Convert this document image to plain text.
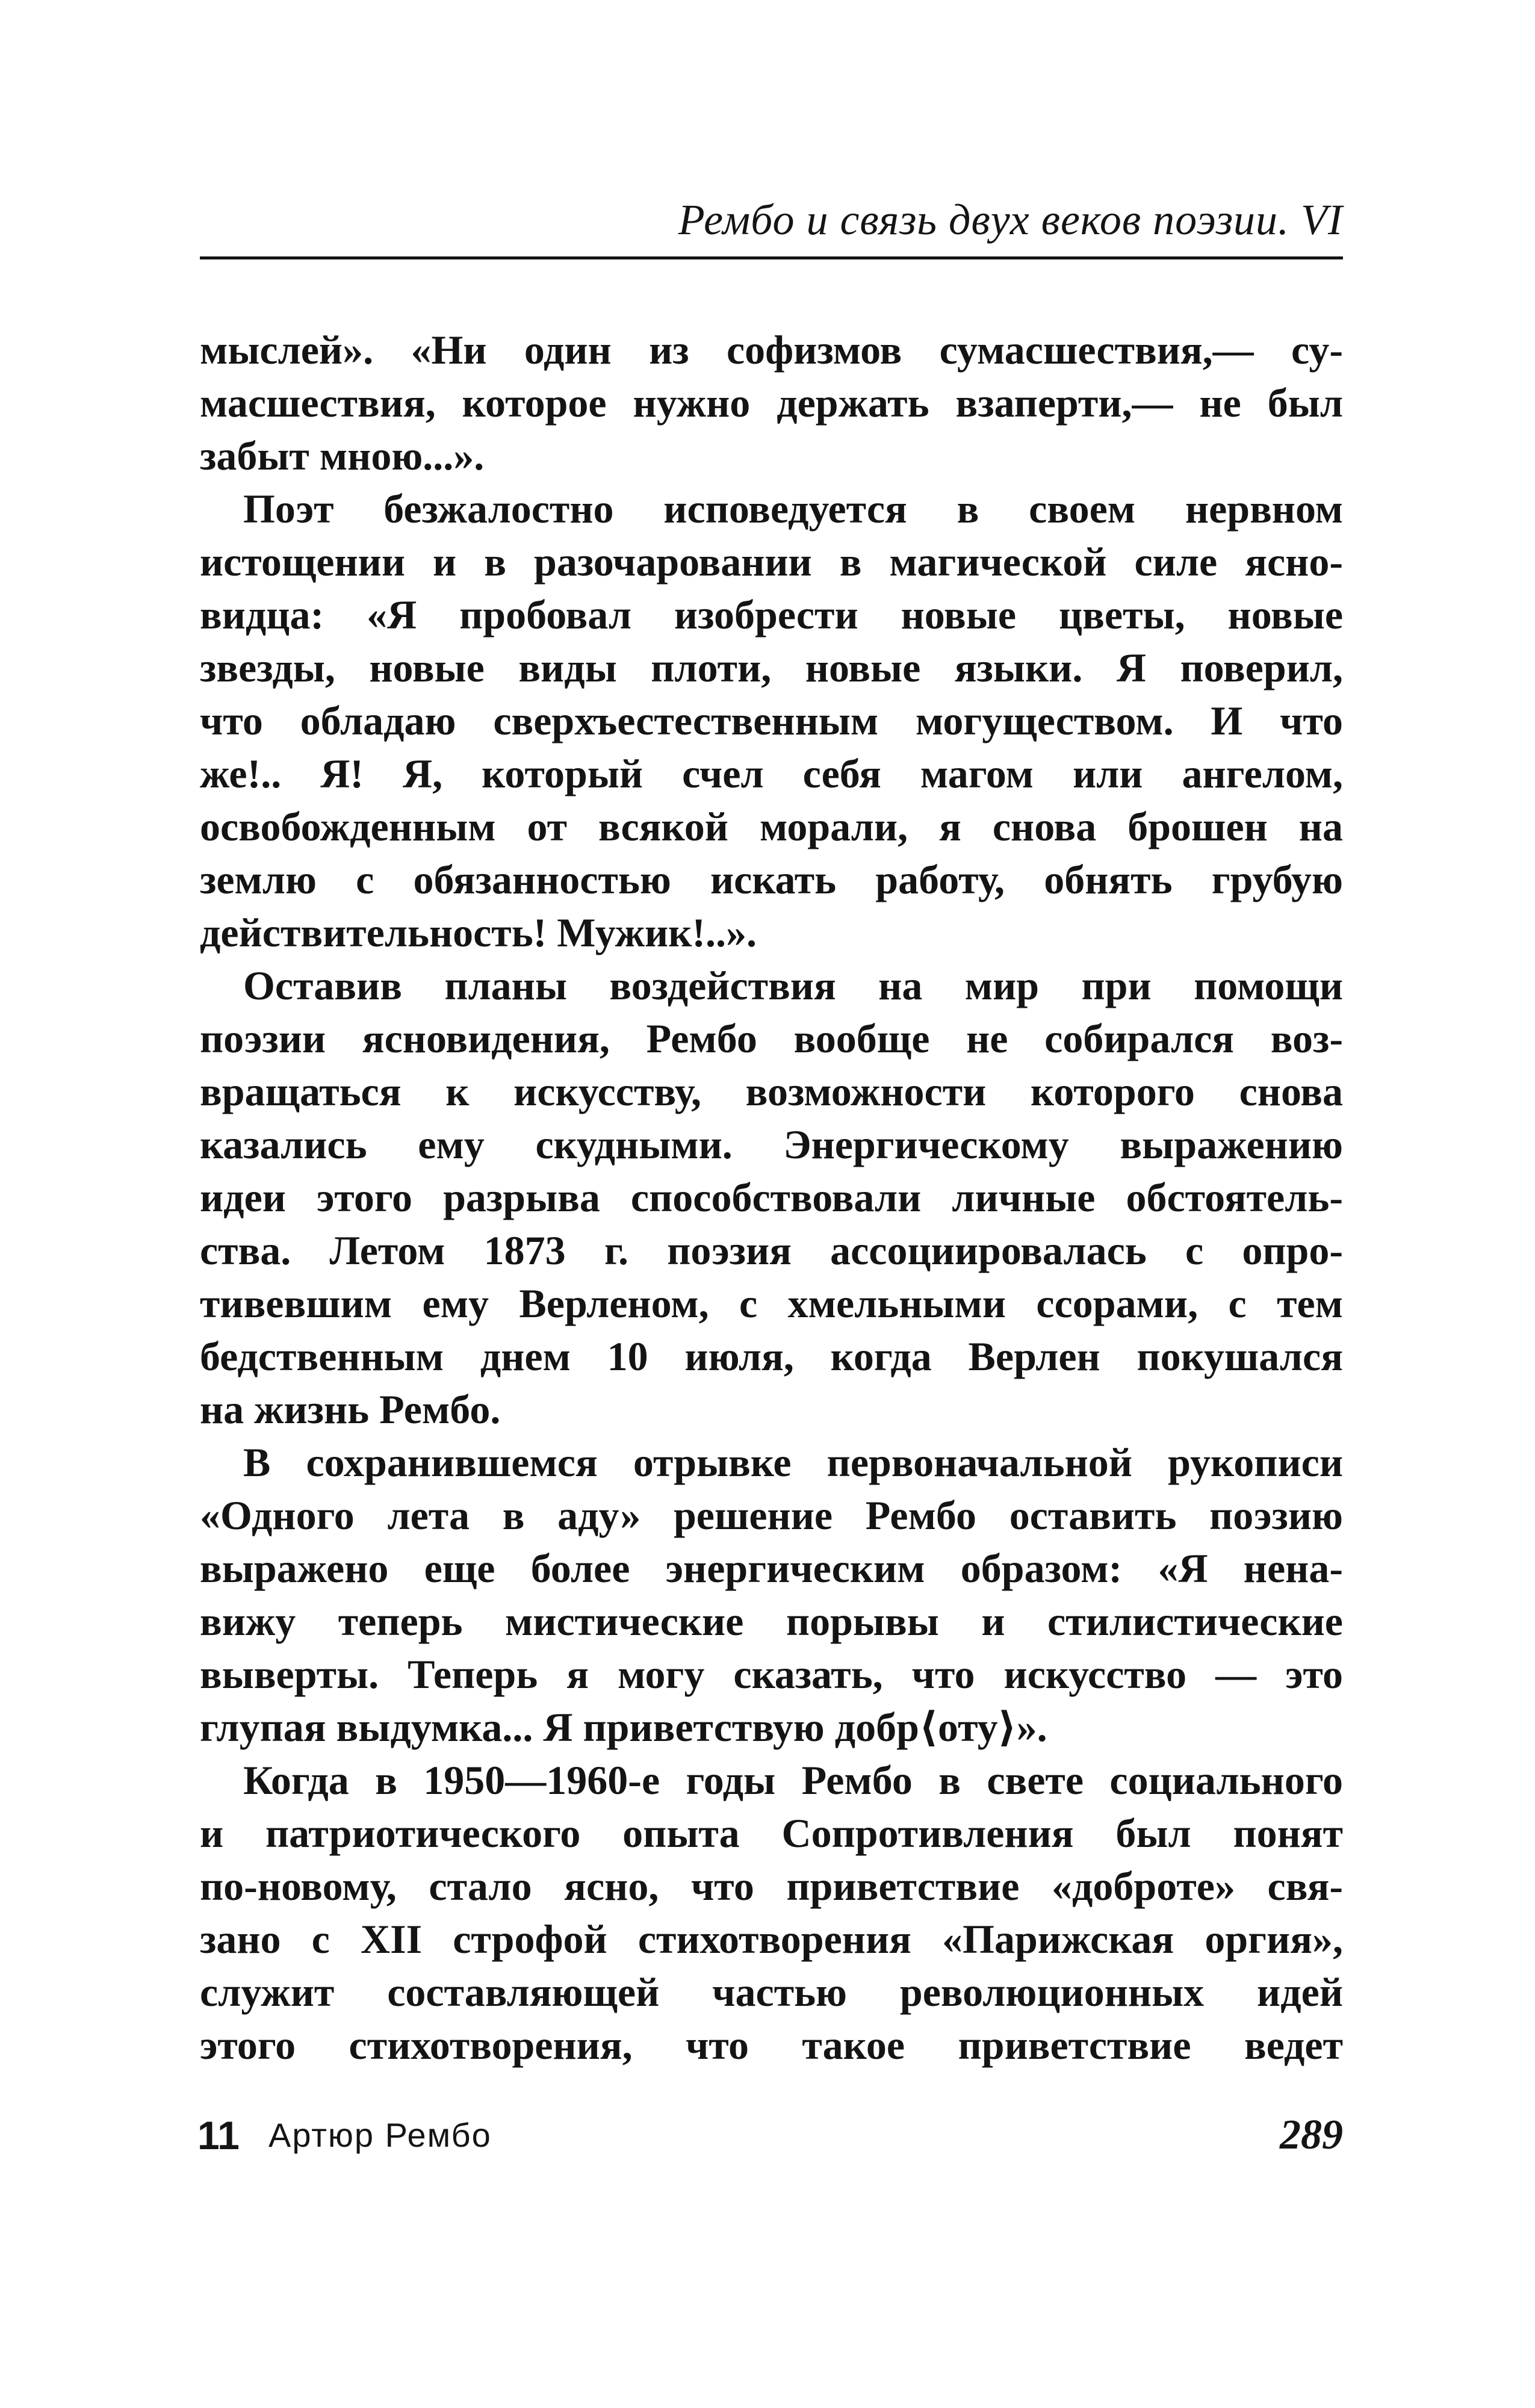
Рембо и связь двух веков поэзии. VI
мыслей». «Ни один из софизмов сумасшествия,— су-
масшествия, которое нужно держать взаперти,— не был
забыт мною...».
Поэт безжалостно исповедуется в своем нервном
истощении и в разочаровании в магической силе ясно-
видца: «Я пробовал изобрести новые цветы, новые
звезды, новые виды плоти, новые языки. Я поверил,
что обладаю сверхъестественным могуществом. И что
же!.. Я! Я, который счел себя магом или ангелом,
освобожденным от всякой морали, я снова брошен на
землю с обязанностью искать работу, обнять грубую
действительность! Мужик!..».
Оставив планы воздействия на мир при помощи
поэзии ясновидения, Рембо вообще не собирался воз-
вращаться к искусству, возможности которого снова
казались ему скудными. Энергическому выражению
идеи этого разрыва способствовали личные обстоятель-
ства. Летом 1873 г. поэзия ассоциировалась с опро-
тивевшим ему Верленом, с хмельными ссорами, с тем
бедственным днем 10 июля, когда Верлен покушался
на жизнь Рембо.
В сохранившемся отрывке первоначальной рукописи
«Одного лета в аду» решение Рембо оставить поэзию
выражено еще более энергическим образом: «Я нена-
вижу теперь мистические порывы и стилистические
выверты. Теперь я могу сказать, что искусство — это
глупая выдумка... Я приветствую добр⟨оту⟩».
Когда в 1950—1960-е годы Рембо в свете социального
и патриотического опыта Сопротивления был понят
по-новому, стало ясно, что приветствие «доброте» свя-
зано с XII строфой стихотворения «Парижская оргия»,
служит составляющей частью революционных идей
этого стихотворения, что такое приветствие ведет
11 Артюр Рембо	289
